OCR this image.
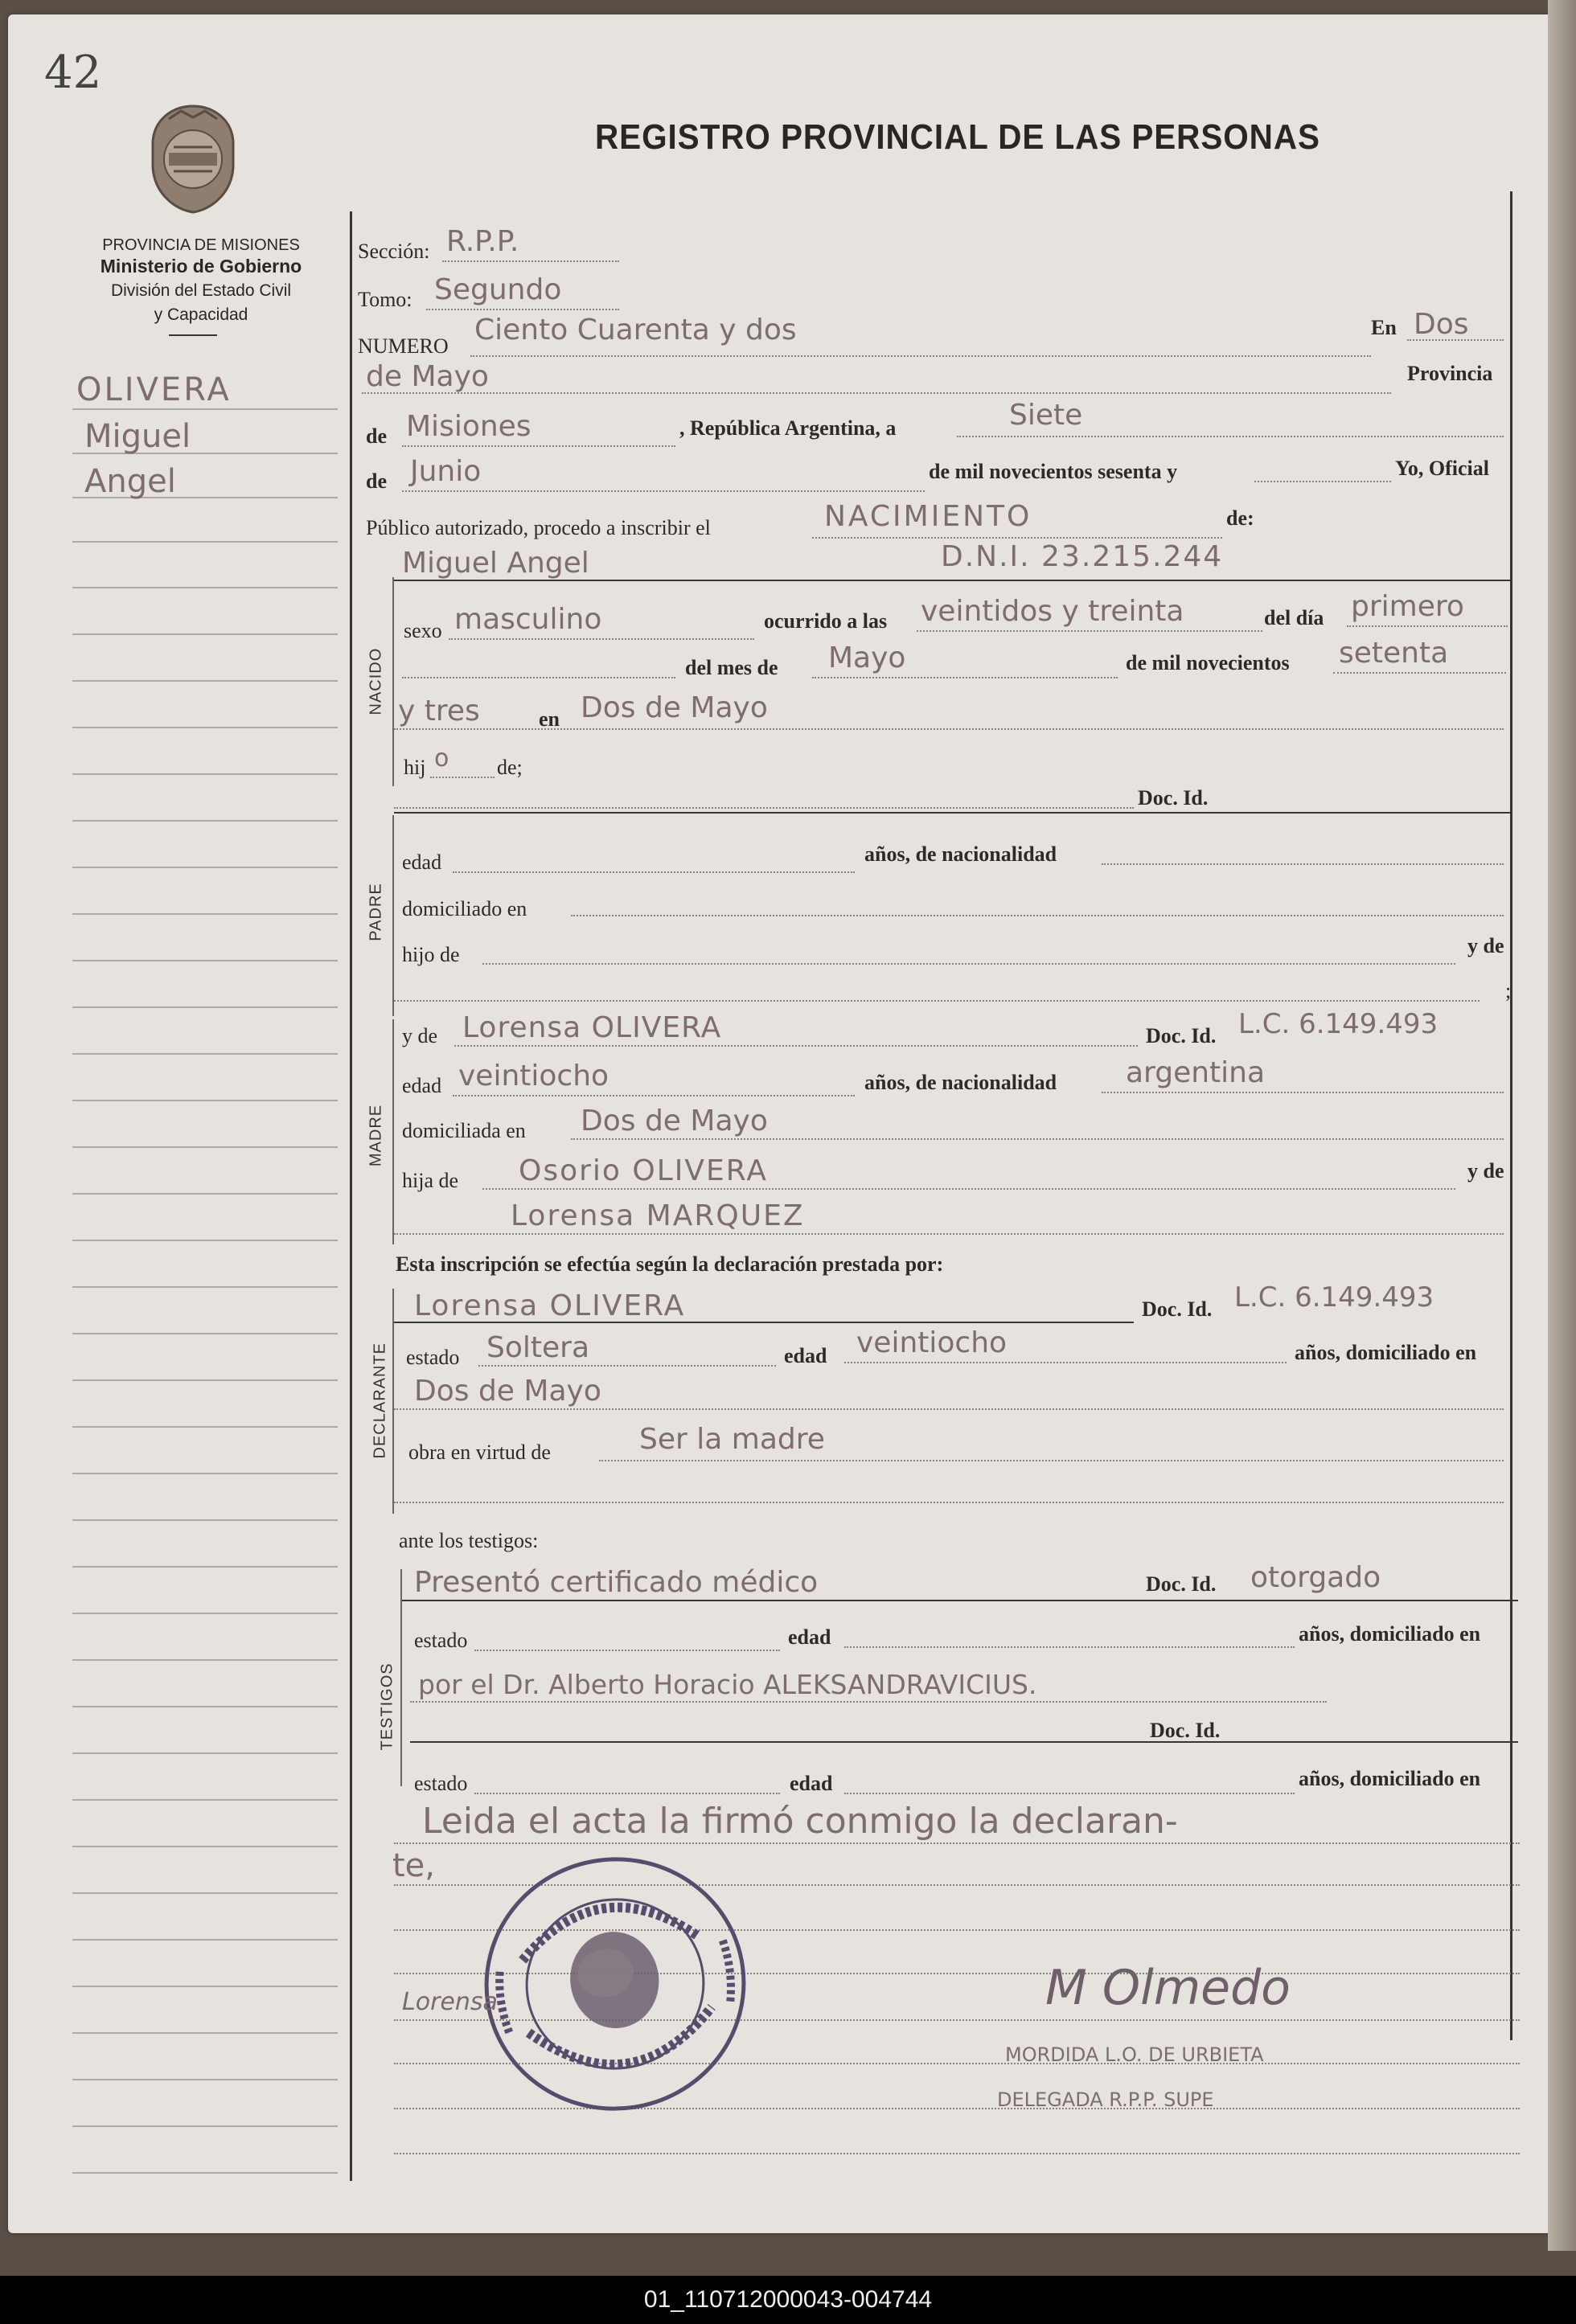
42
PROVINCIA DE MISIONES
Ministerio de Gobierno
División del Estado Civil
y Capacidad
REGISTRO PROVINCIAL DE LAS PERSONAS
OLIVERA
Miguel
Angel
Sección: R.P.P.
Tomo: Segundo
NUMERO Ciento Cuarenta y dos	En Dos
de Mayo	Provincia
de Misiones	, República Argentina, a	Siete
de Junio	de mil novecientos sesenta y	Yo, Oficial
Público autorizado, procedo a inscribir el	NACIMIENTO	de:
Miguel Angel	D.N.I. 23.215.244
NACIDO
sexo masculino	ocurrido a las veintidos y treinta	del día primero
del mes de Mayo	de mil novecientos setenta
y tres	en Dos de Mayo
hij o de;
Doc. Id.
PADRE
edad	años, de nacionalidad
domiciliado en
hijo de	y de
;
MADRE
y de Lorensa OLIVERA	Doc. Id. L.C. 6.149.493
edad veintiocho	años, de nacionalidad argentina
domiciliada en Dos de Mayo
hija de Osorio OLIVERA	y de
Lorensa MARQUEZ
Esta inscripción se efectúa según la declaración prestada por:
DECLARANTE
Lorensa OLIVERA	Doc. Id. L.C. 6.149.493
estado Soltera	edad veintiocho	años, domiciliado en
Dos de Mayo
obra en virtud de	Ser la madre
ante los testigos:
TESTIGOS
Presentó certificado médico	Doc. Id. otorgado
estado	edad	años, domiciliado en
por el Dr. Alberto Horacio ALEKSANDRAVICIUS.
Doc. Id.
estado	edad	años, domiciliado en
Leida el acta la firmó conmigo la declaran-
te,
Lorensa	M Olmedo
MORDIDA L.O. DE URBIETA
DELEGADA R.P.P. SUPE
01_110712000043-004744
